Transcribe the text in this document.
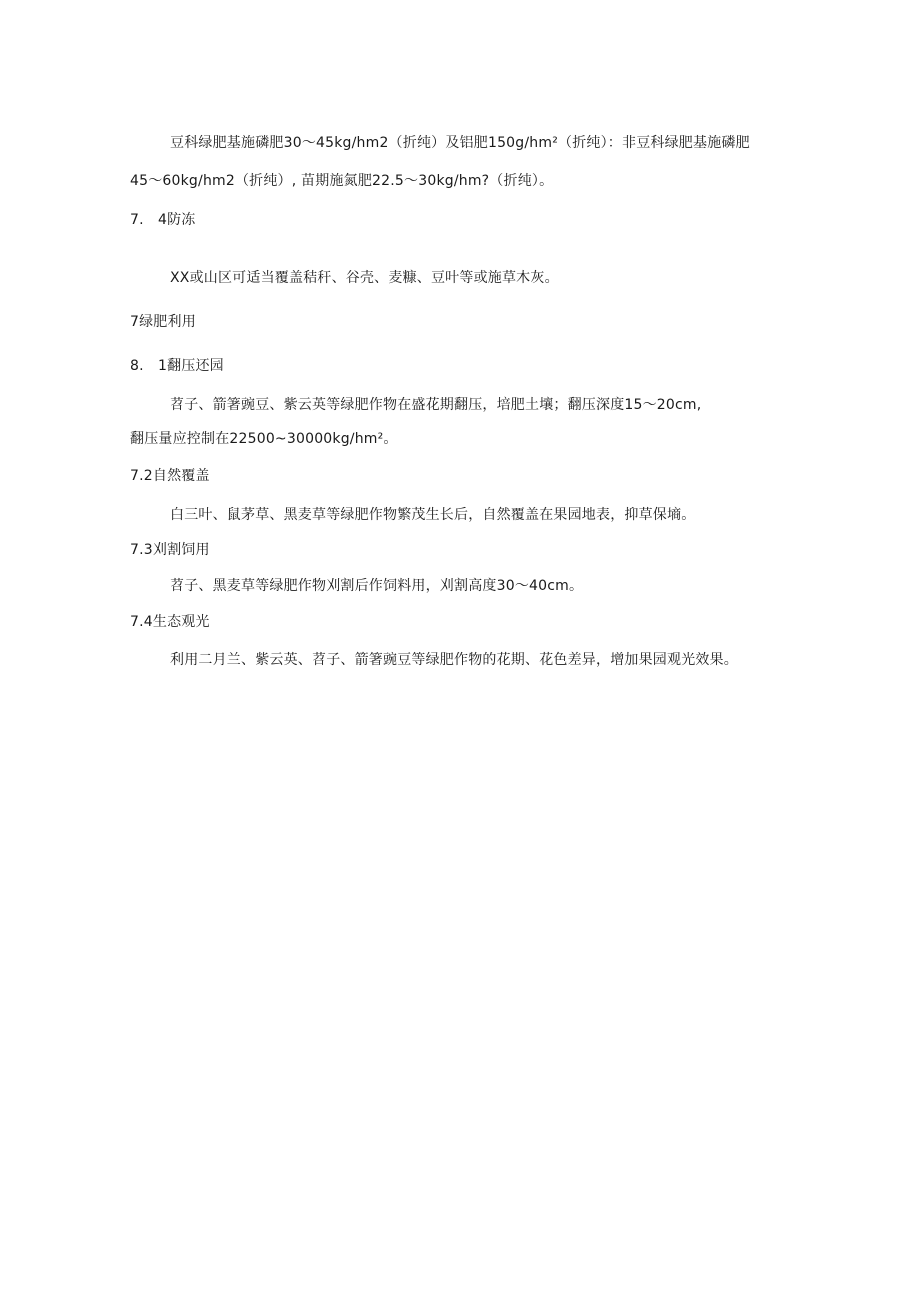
豆科绿肥基施磷肥30～45kg∕hm2（折纯）及铝肥150g∕hm²（折纯）：非豆科绿肥基施磷肥
45～60kg∕hm2（折纯）, 苗期施氮肥22.5～30kg/hm?（折纯）。
7.　4防冻
XX或山区可适当覆盖秸秆、谷壳、麦糠、豆叶等或施草木灰。
7绿肥利用
8.　1翻压还园
苕子、箭箸豌豆、紫云英等绿肥作物在盛花期翻压，培肥土壤；翻压深度15～20cm,
翻压量应控制在22500~30000kg∕hm²。
7.2自然覆盖
白三叶、鼠茅草、黑麦草等绿肥作物繁茂生长后，自然覆盖在果园地表，抑草保墒。
7.3刈割饲用
苕子、黑麦草等绿肥作物刈割后作饲料用，刈割高度30～40cm。
7.4生态观光
利用二月兰、紫云英、苕子、箭箸豌豆等绿肥作物的花期、花色差异，增加果园观光效果。
